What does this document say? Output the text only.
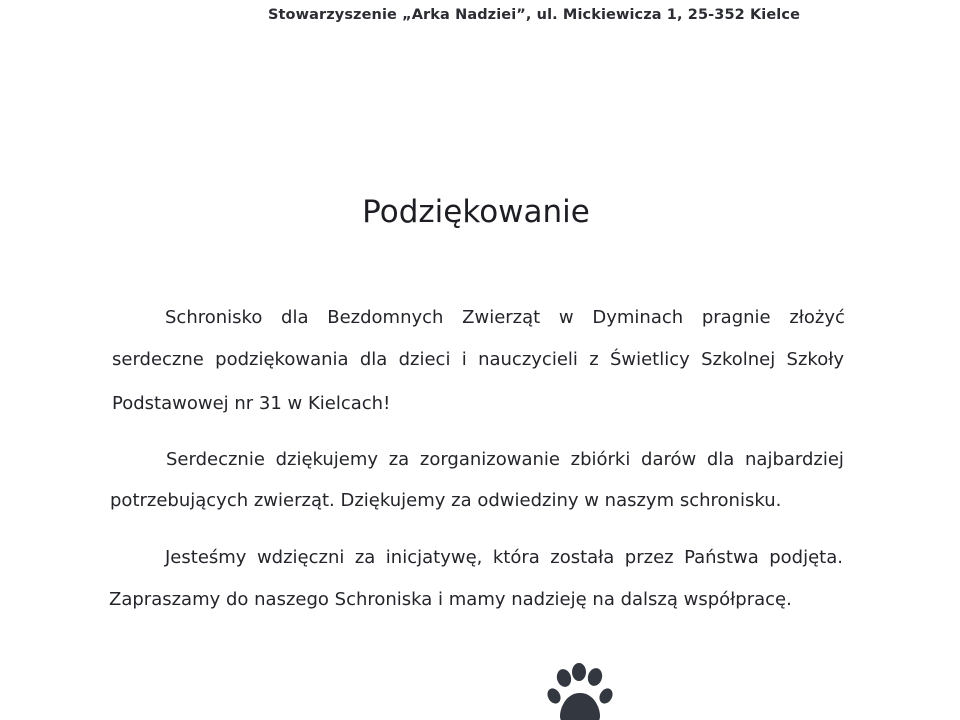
Stowarzyszenie „Arka Nadziei”, ul. Mickiewicza 1, 25-352 Kielce
Podziękowanie
Schronisko dla Bezdomnych Zwierząt w Dyminach pragnie złożyć
serdeczne podziękowania dla dzieci i nauczycieli z Świetlicy Szkolnej Szkoły
Podstawowej nr 31 w Kielcach!
Serdecznie dziękujemy za zorganizowanie zbiórki darów dla najbardziej
potrzebujących zwierząt. Dziękujemy za odwiedziny w naszym schronisku.
Jesteśmy wdzięczni za inicjatywę, która została przez Państwa podjęta.
Zapraszamy do naszego Schroniska i mamy nadzieję na dalszą współpracę.
